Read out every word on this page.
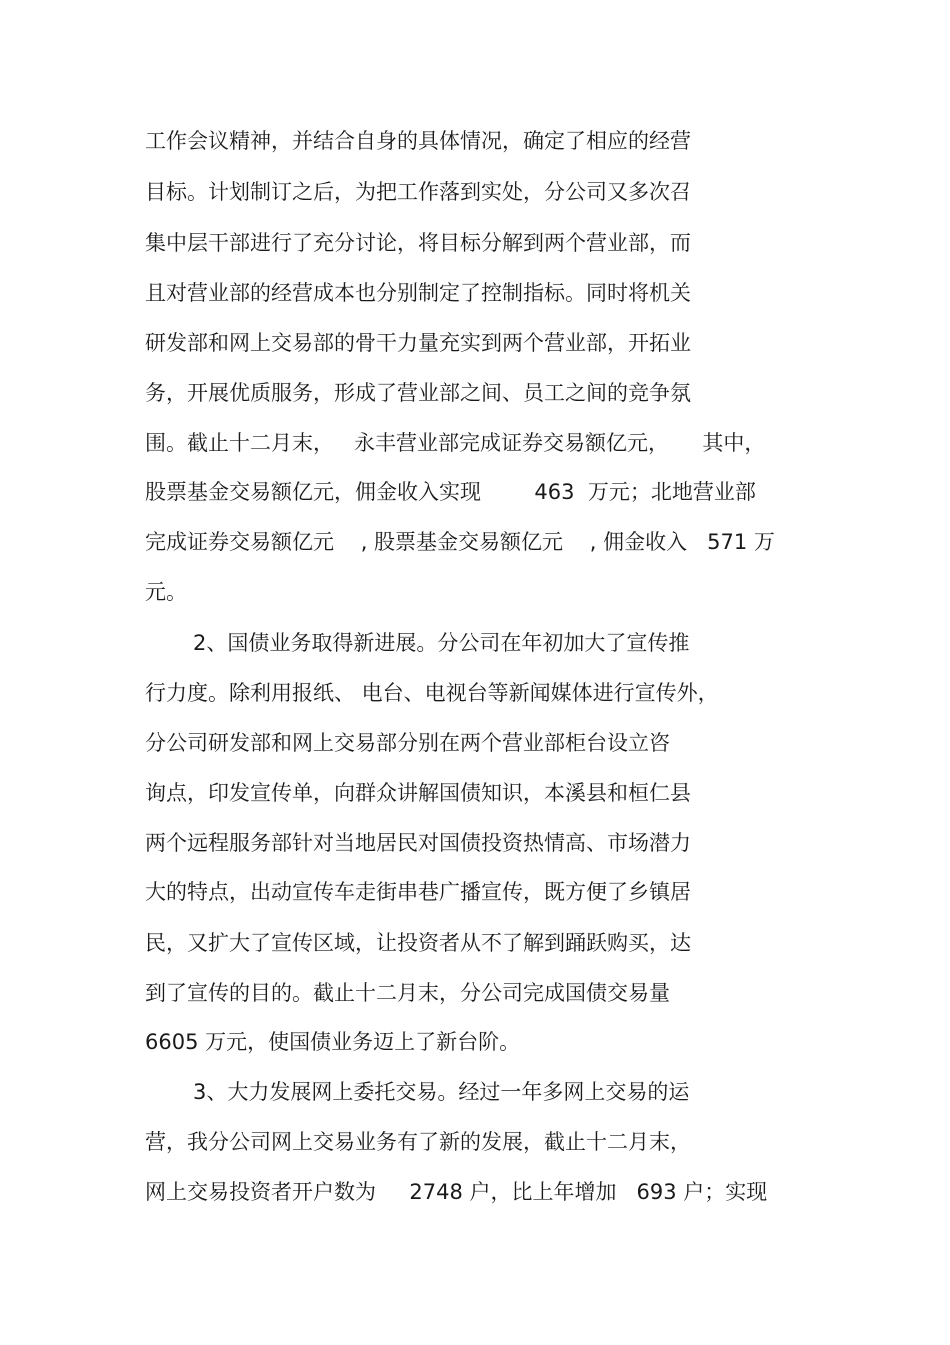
工作会议精神，并结合自身的具体情况，确定了相应的经营
目标。计划制订之后，为把工作落到实处，分公司又多次召
集中层干部进行了充分讨论，将目标分解到两个营业部，而
且对营业部的经营成本也分别制定了控制指标。同时将机关
研发部和网上交易部的骨干力量充实到两个营业部，开拓业
务，开展优质服务，形成了营业部之间、员工之间的竞争氛
围。截止十二月末，   永丰营业部完成证券交易额亿元，     其中，
股票基金交易额亿元，佣金收入实现        463  万元；北地营业部
完成证券交易额亿元    , 股票基金交易额亿元    , 佣金收入   571 万
元。
2、国债业务取得新进展。分公司在年初加大了宣传推
行力度。除利用报纸、 电台、电视台等新闻媒体进行宣传外，
分公司研发部和网上交易部分别在两个营业部柜台设立咨
询点，印发宣传单，向群众讲解国债知识，本溪县和桓仁县
两个远程服务部针对当地居民对国债投资热情高、市场潜力
大的特点，出动宣传车走街串巷广播宣传，既方便了乡镇居
民，又扩大了宣传区域，让投资者从不了解到踊跃购买，达
到了宣传的目的。截止十二月末，分公司完成国债交易量
6605 万元，使国债业务迈上了新台阶。
3、大力发展网上委托交易。经过一年多网上交易的运
营，我分公司网上交易业务有了新的发展，截止十二月末，
网上交易投资者开户数为     2748 户，比上年增加   693 户；实现
